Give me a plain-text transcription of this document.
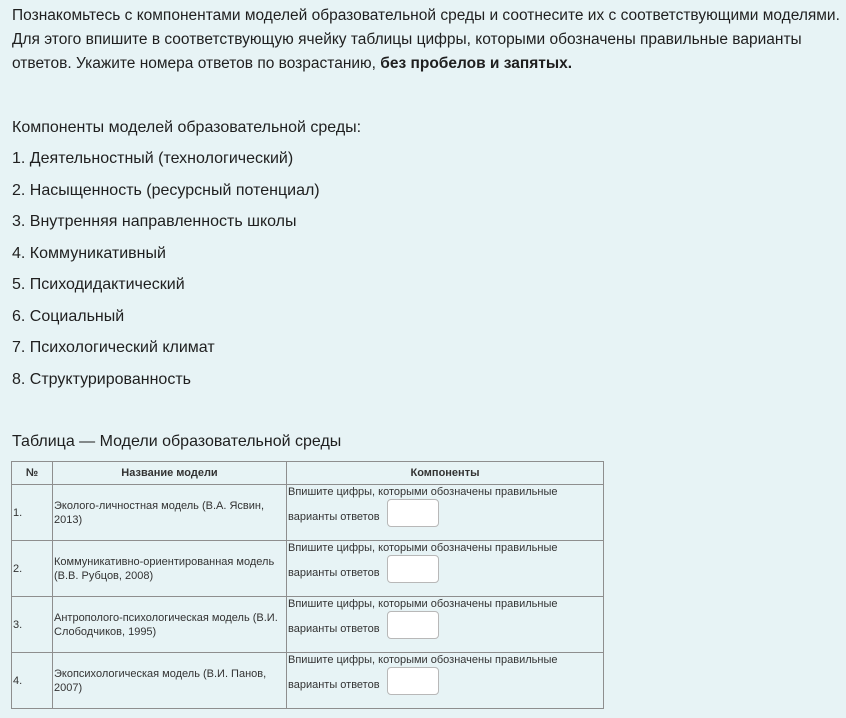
Познакомьтесь с компонентами моделей образовательной среды и соотнесите их с соответствующими моделями. Для этого впишите в соответствующую ячейку таблицы цифры, которыми обозначены правильные варианты ответов. Укажите номера ответов по возрастанию, без пробелов и запятых.
Компоненты моделей образовательной среды:
1. Деятельностный (технологический)
2. Насыщенность (ресурсный потенциал)
3. Внутренняя направленность школы
4. Коммуникативный
5. Психодидактический
6. Социальный
7. Психологический климат
8. Структурированность
Таблица — Модели образовательной среды
№	Название модели	Компоненты
1.	Эколого-личностная модель (В.А. Ясвин, 2013)	Впишите цифры, которыми обозначены правильные
варианты ответов

2.	Коммуникативно-ориентированная модель (В.В. Рубцов, 2008)	Впишите цифры, которыми обозначены правильные
варианты ответов

3.	Антрополого-психологическая модель (В.И. Слободчиков, 1995)	Впишите цифры, которыми обозначены правильные
варианты ответов

4.	Экопсихологическая модель (В.И. Панов, 2007)	Впишите цифры, которыми обозначены правильные
варианты ответов
